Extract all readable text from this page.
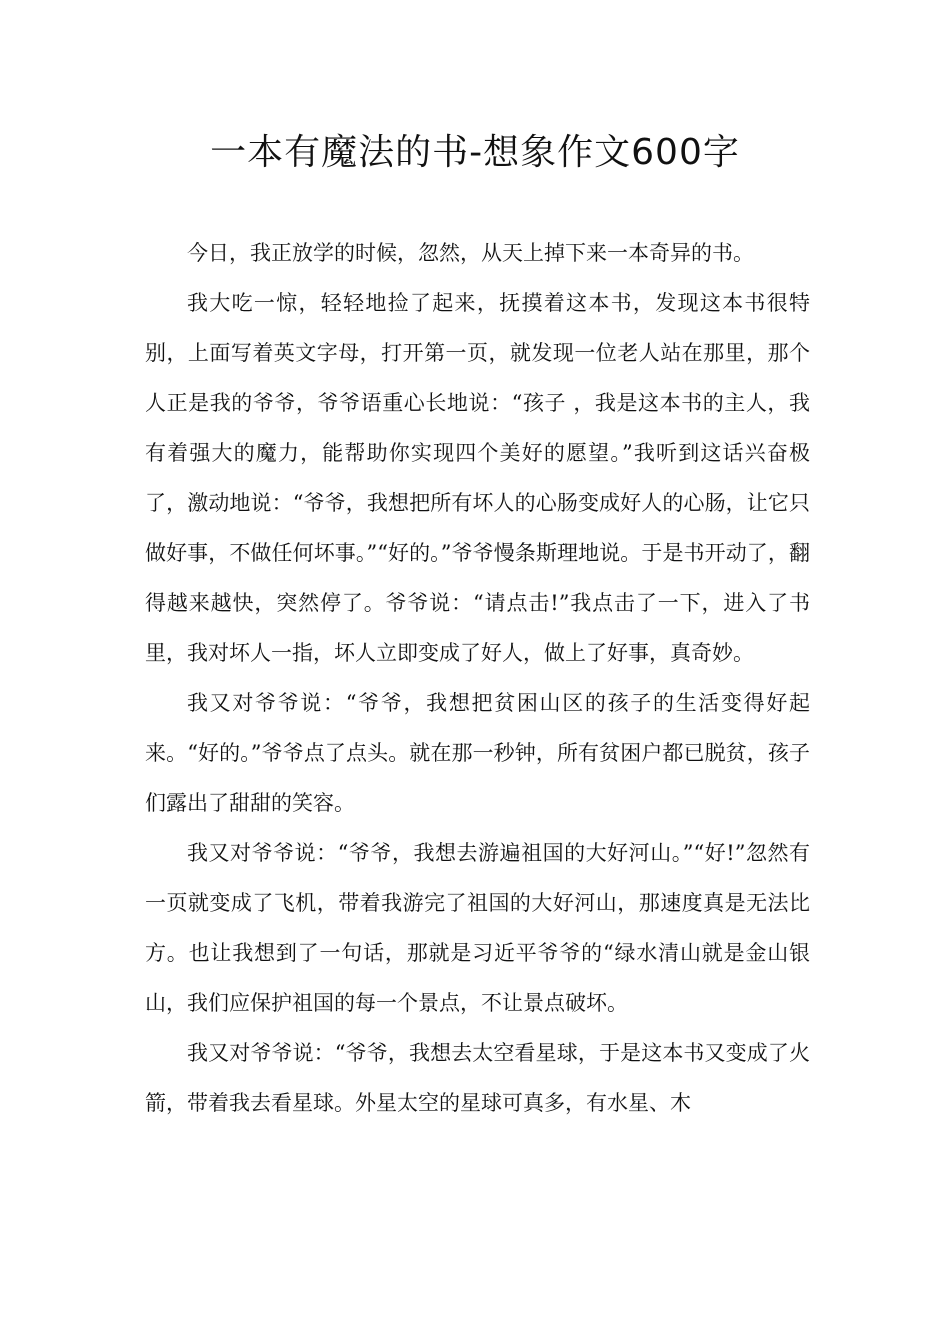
一本有魔法的书-想象作文600字

今日，我正放学的时候，忽然，从天上掉下来一本奇异的书。

我大吃一惊，轻轻地捡了起来，抚摸着这本书，发现这本书很特别，上面写着英文字母，打开第一页，就发现一位老人站在那里，那个人正是我的爷爷，爷爷语重心长地说：“孩子 ，我是这本书的主人，我有着强大的魔力，能帮助你实现四个美好的愿望。”我听到这话兴奋极了，激动地说：“爷爷，我想把所有坏人的心肠变成好人的心肠，让它只做好事，不做任何坏事。”“好的。”爷爷慢条斯理地说。于是书开动了，翻得越来越快，突然停了。爷爷说：“请点击!”我点击了一下，进入了书里，我对坏人一指，坏人立即变成了好人，做上了好事，真奇妙。

我又对爷爷说：“爷爷，我想把贫困山区的孩子的生活变得好起来。“好的。”爷爷点了点头。就在那一秒钟，所有贫困户都已脱贫，孩子们露出了甜甜的笑容。

我又对爷爷说：“爷爷，我想去游遍祖国的大好河山。”“好!”忽然有一页就变成了飞机，带着我游完了祖国的大好河山，那速度真是无法比方。也让我想到了一句话，那就是习近平爷爷的“绿水清山就是金山银山，我们应保护祖国的每一个景点，不让景点破坏。

我又对爷爷说：“爷爷，我想去太空看星球，于是这本书又变成了火箭，带着我去看星球。外星太空的星球可真多，有水星、木
